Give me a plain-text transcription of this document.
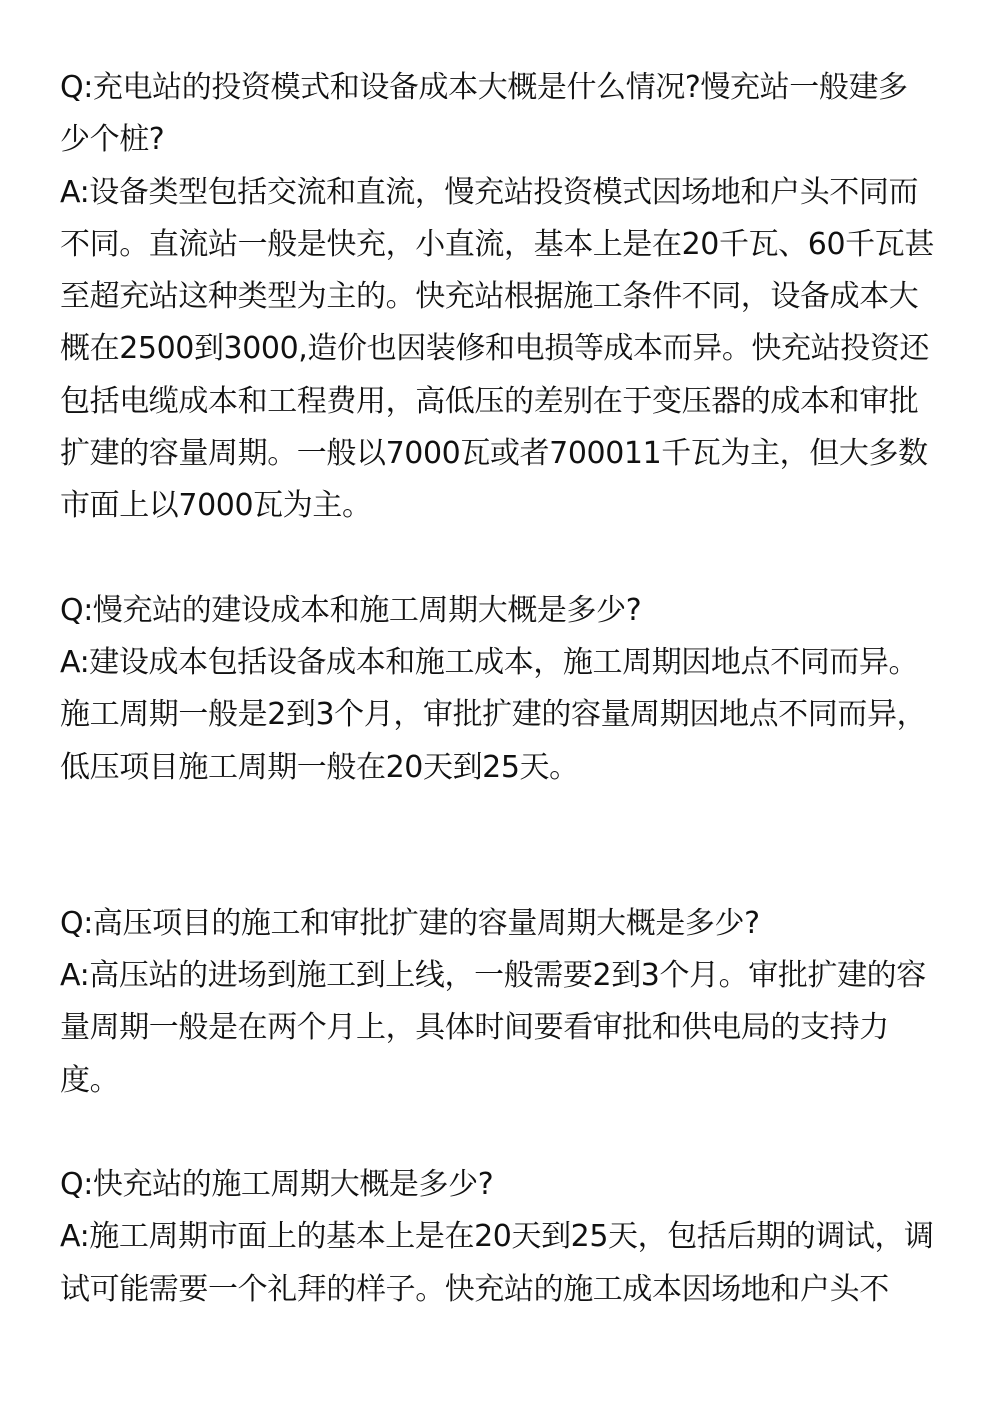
Q:充电站的投资模式和设备成本大概是什么情况?慢充站一般建多少个桩?

A:设备类型包括交流和直流，慢充站投资模式因场地和户头不同而不同。直流站一般是快充，小直流，基本上是在20千瓦、60千瓦甚至超充站这种类型为主的。快充站根据施工条件不同，设备成本大概在2500到3000,造价也因装修和电损等成本而异。快充站投资还包括电缆成本和工程费用，高低压的差别在于变压器的成本和审批扩建的容量周期。一般以7000瓦或者700011千瓦为主，但大多数市面上以7000瓦为主。

Q:慢充站的建设成本和施工周期大概是多少?

A:建设成本包括设备成本和施工成本，施工周期因地点不同而异。施工周期一般是2到3个月，审批扩建的容量周期因地点不同而异，低压项目施工周期一般在20天到25天。

Q:高压项目的施工和审批扩建的容量周期大概是多少?

A:高压站的进场到施工到上线，一般需要2到3个月。审批扩建的容量周期一般是在两个月上，具体时间要看审批和供电局的支持力度。

Q:快充站的施工周期大概是多少?

A:施工周期市面上的基本上是在20天到25天，包括后期的调试，调试可能需要一个礼拜的样子。快充站的施工成本因场地和户头不
